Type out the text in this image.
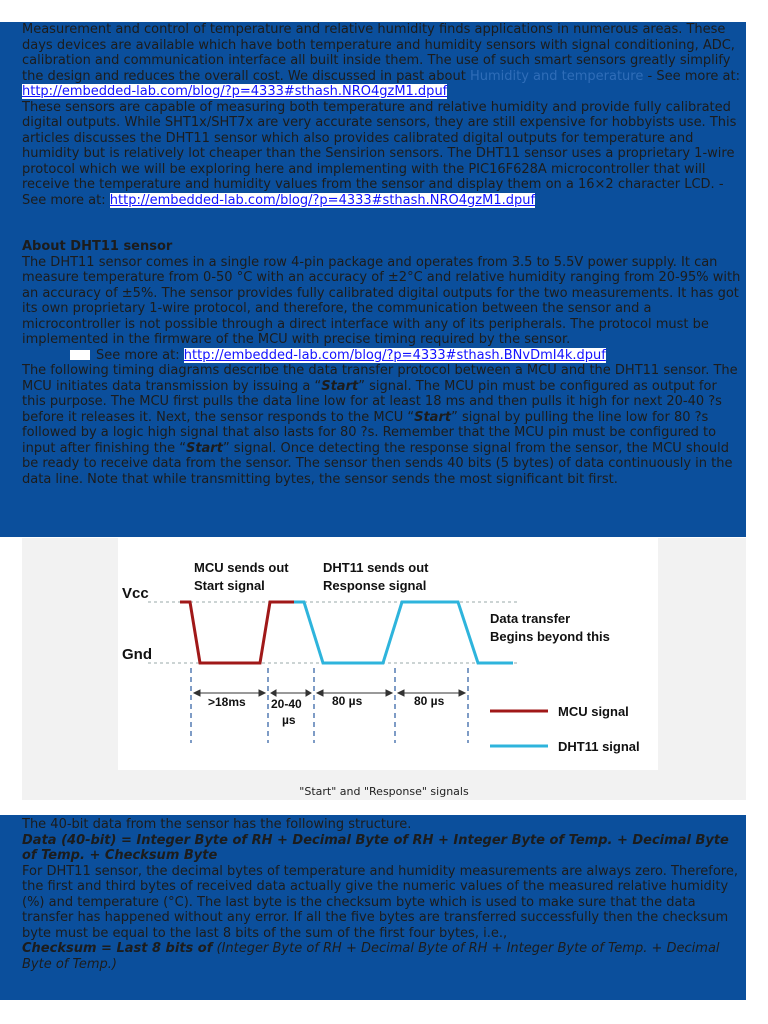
Measurement and control of temperature and relative humidity finds applications in numerous areas. These days devices are available which have both temperature and humidity sensors with signal conditioning, ADC, calibration and communication interface all built inside them. The use of such smart sensors greatly simplify the design and reduces the overall cost. We discussed in past about Humidity and temperature - See more at: http://embedded-lab.com/blog/?p=4333#sthash.NRO4gzM1.dpuf

These sensors are capable of measuring both temperature and relative humidity and provide fully calibrated digital outputs. While SHT1x/SHT7x are very accurate sensors, they are still expensive for hobbyists use. This articles discusses the DHT11 sensor which also provides calibrated digital outputs for temperature and humidity but is relatively lot cheaper than the Sensirion sensors. The DHT11 sensor uses a proprietary 1-wire protocol which we will be exploring here and implementing with the PIC16F628A microcontroller that will receive the temperature and humidity values from the sensor and display them on a 16×2 character LCD. - See more at: http://embedded-lab.com/blog/?p=4333#sthash.NRO4gzM1.dpuf

About DHT11 sensor

The DHT11 sensor comes in a single row 4-pin package and operates from 3.5 to 5.5V power supply. It can measure temperature from 0-50 °C with an accuracy of ±2°C and relative humidity ranging from 20-95% with an accuracy of ±5%. The sensor provides fully calibrated digital outputs for the two measurements. It has got its own proprietary 1-wire protocol, and therefore, the communication between the sensor and a microcontroller is not possible through a direct interface with any of its peripherals. The protocol must be implemented in the firmware of the MCU with precise timing required by the sensor.

See more at: http://embedded-lab.com/blog/?p=4333#sthash.BNvDmI4k.dpuf

The following timing diagrams describe the data transfer protocol between a MCU and the DHT11 sensor. The MCU initiates data transmission by issuing a “Start” signal. The MCU pin must be configured as output for this purpose. The MCU first pulls the data line low for at least 18 ms and then pulls it high for next 20-40 ?s before it releases it. Next, the sensor responds to the MCU “Start” signal by pulling the line low for 80 ?s followed by a logic high signal that also lasts for 80 ?s. Remember that the MCU pin must be configured to input after finishing the “Start” signal. Once detecting the response signal from the sensor, the MCU should be ready to receive data from the sensor. The sensor then sends 40 bits (5 bytes) of data continuously in the data line. Note that while transmitting bytes, the sensor sends the most significant bit first.

Vcc
Gnd
MCU sends out
Start signal
DHT11 sends out
Response signal
Data transfer
Begins beyond this
>18ms 20-40
µs
80 µs	80 µs
MCU signal
DHT11 signal
"Start" and "Response" signals

The 40-bit data from the sensor has the following structure.

Data (40-bit) = Integer Byte of RH + Decimal Byte of RH + Integer Byte of Temp. + Decimal Byte of Temp. + Checksum Byte

For DHT11 sensor, the decimal bytes of temperature and humidity measurements are always zero. Therefore, the first and third bytes of received data actually give the numeric values of the measured relative humidity (%) and temperature (°C). The last byte is the checksum byte which is used to make sure that the data transfer has happened without any error. If all the five bytes are transferred successfully then the checksum byte must be equal to the last 8 bits of the sum of the first four bytes, i.e.,

Checksum = Last 8 bits of (Integer Byte of RH + Decimal Byte of RH + Integer Byte of Temp. + Decimal Byte of Temp.)
